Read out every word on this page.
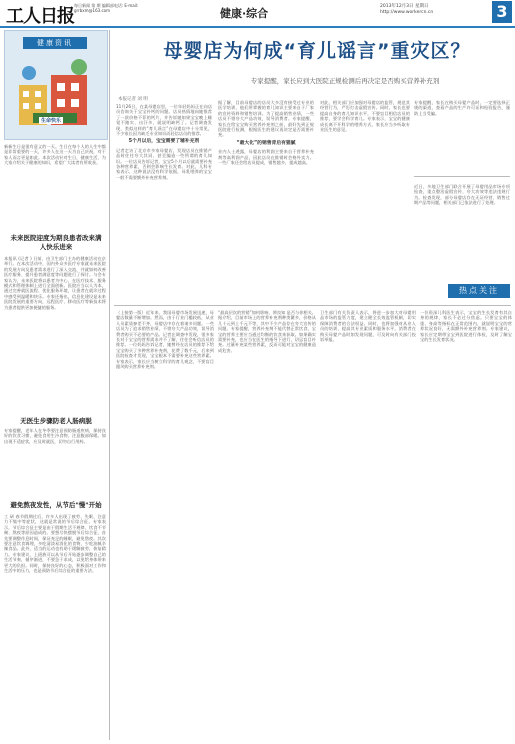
工人日报
每日新闻 第 期 编辑部电话: E-mail: grrbxm@163.com	健康·综合
2013年12月3日 星期日
http://www.workercn.cn	3
健康资讯
生命快乐
新新生日是很有意义的一天。生日在每个人的人生中都是非常重要的一天，许多人在这一天为自己庆祝，对于家人而言更是如此。本次活动针对生日，健康生活，为大家介绍关于健康的知识，希望广大读者有所收获。
未来医院迎度为期良患者改来满人快乐进来
本报讯 (记者 ) 日前，由卫生部门主办的健康活动在京举行。在本次活动中，国内外众多医疗专家就未来医院的发展方向及患者需求进行了深入交流，并就如何改善医疗服务、提升患者满意度等问题进行了探讨。与会专家认为，未来医院将以患者为中心，在医疗技术、服务模式和管理体制上进行全面创新。医院应当以人为本，通过完善就医流程、优化服务环境，让患者在就诊过程中感受到温暖和快乐。专家还指出，信息化建设是未来医院发展的重要方向，远程医疗、移动医疗等新技术将为患者提供更加便捷的服务。
无医生步骤防老人肠病脱
专家提醒，老年人在冬季要注意预防肠道疾病，保持良好的饮食习惯，避免食用生冷食物，注意腹部保暖。如出现不适症状，应及时就医，切勿自行用药。
避免熬夜发性，从节后"慢"开始
工 研 春节假期过后，许多人出现了疲劳、失眠、注意力不集中等症状，这就是常说的节后综合征。专家表示，节后综合征主要是由于假期生活不规律、饮食不节制、熬夜等原因造成的。要想尽快摆脱节后综合征，首先要调整作息时间，保证充足的睡眠，避免熬夜。其次要注意饮食调理，多吃清淡易消化的食物，少吃油腻辛辣食品。此外，适当的运动也有助于缓解疲劳，恢复精力。专家建议，上班族可以从节后开始逐步调整自己的生活节奏，循序渐进，不要急于求成，以免给身体带来更大的负担。同时，保持良好的心态，积极面对工作和生活中的压力，也是预防节后综合征的重要方法。
母婴店为何成“育儿谣言”重灾区？
专家提醒，家长应到大医院正规检测后再决定是否购买营养补充剂
本报记者 刘 明
11月26日，在某母婴店里，一位年轻妈妈正在向店员咨询关于宝宝补钙的问题。店员热情地向她推荐了一款价格不菲的钙片，并告诉她如果宝宝晚上睡觉不踏实、出汗多，就说明缺钙了。记者调查发现，类似这样的“育儿谣言”在母婴店中十分常见，不少家长因为缺乏专业知识而轻信店员的推荐。
5个月以后，宝宝需要了辅补充剂
记者走访了北京市多家母婴店，发现店员在推销产品时往往夸大其词，甚至编造一些所谓的育儿知识。一位店员告诉记者，宝宝5个月以后就需要补充各种营养素，否则会影响生长发育。对此，儿科专家表示，这种说法没有科学依据，母乳喂养的宝宝一般不需要额外补充营养剂。
据了解，目前母婴店的店员大多没有接受过专业的医学培训，他们所掌握的育儿知识主要来自于厂家的宣传资料和销售培训。为了提高销售业绩，一些店员不惜夸大产品功效，误导消费者。专家提醒，家长在给宝宝购买营养补充剂之前，最好先到正规医院进行检测，根据医生的建议再决定是否需要补充。
“最大化”的销售背后有猫腻
业内人士透露，母婴店的利润主要来自于营养补充剂等高利润产品，因此店员在推销时会格外卖力。一些厂家还会给店员提成，销售越多，提成越高。
对此，相关部门应加强对母婴店的监管，规范其经营行为，严厉打击虚假宣传。同时，家长也要提高自身的育儿知识水平，不要盲目相信店员的推荐，要学会科学育儿。专家表示，宝宝的健康成长离不开科学的喂养方式，家长应当多听取专业医生的意见。
专家提醒，家长在购买母婴产品时，一定要选择正规的渠道，查看产品的生产许可证和检验报告，谨防上当受骗。
近日，多地卫生部门联合开展了母婴用品市场专项检查，重点整治虚假宣传、夸大功效等违法违规行为。检查发现，部分母婴店存在无证经营、销售过期产品等问题，相关部门已依法进行了处理。
热点关注
（上接第一版）近年来，我国母婴市场发展迅速，母婴店数量不断增加。然而，由于行业门槛较低，从业人员素质参差不齐，母婴店中存在着诸多问题。一些店员为了追求销售业绩，不惜夸大产品功效，误导消费者购买不必要的产品。记者在调查中发现，很多家长对于宝宝的营养需求并不了解，往往会听信店员的推荐。一位妈妈告诉记者，她曾经在店员的推荐下给宝宝购买了多种营养补充剂，花费了数千元，后来到医院检查才发现，宝宝根本不需要补充这些营养素。专家表示，家长应当树立科学的育儿观念，不要盲目跟风购买营养补充剂。
“最高层次的营销”如何影响、辨良知 是否与你相关。据介绍，目前市场上的营养补充剂种类繁多，价格从几十元到上千元不等，其中不少产品存在夸大宣传的问题。专家提醒，营养补充剂不能代替正常饮食，宝宝的营养主要应当通过均衡的饮食来获取。如果确实需要补充，也应当在医生的指导下进行，切忌盲目补充。过量补充某些营养素，反而可能对宝宝的健康造成危害。
卫生部门有关负责人表示，将进一步加大对母婴用品市场的监管力度，建立健全长效监管机制，切实保障消费者的合法权益。同时，也将加强对从业人员的培训，提高其专业素质和服务水平。消费者在购买母婴产品时如发现问题，可及时向有关部门投诉举报。
一位资深儿科医生表示，宝宝的生长发育有其自身的规律，家长不必过分焦虑。只要宝宝的体重、身高等指标在正常范围内，就说明宝宝的营养状况良好，无需额外补充营养剂。专家建议，家长应定期带宝宝到医院进行体检，及时了解宝宝的生长发育状况。
